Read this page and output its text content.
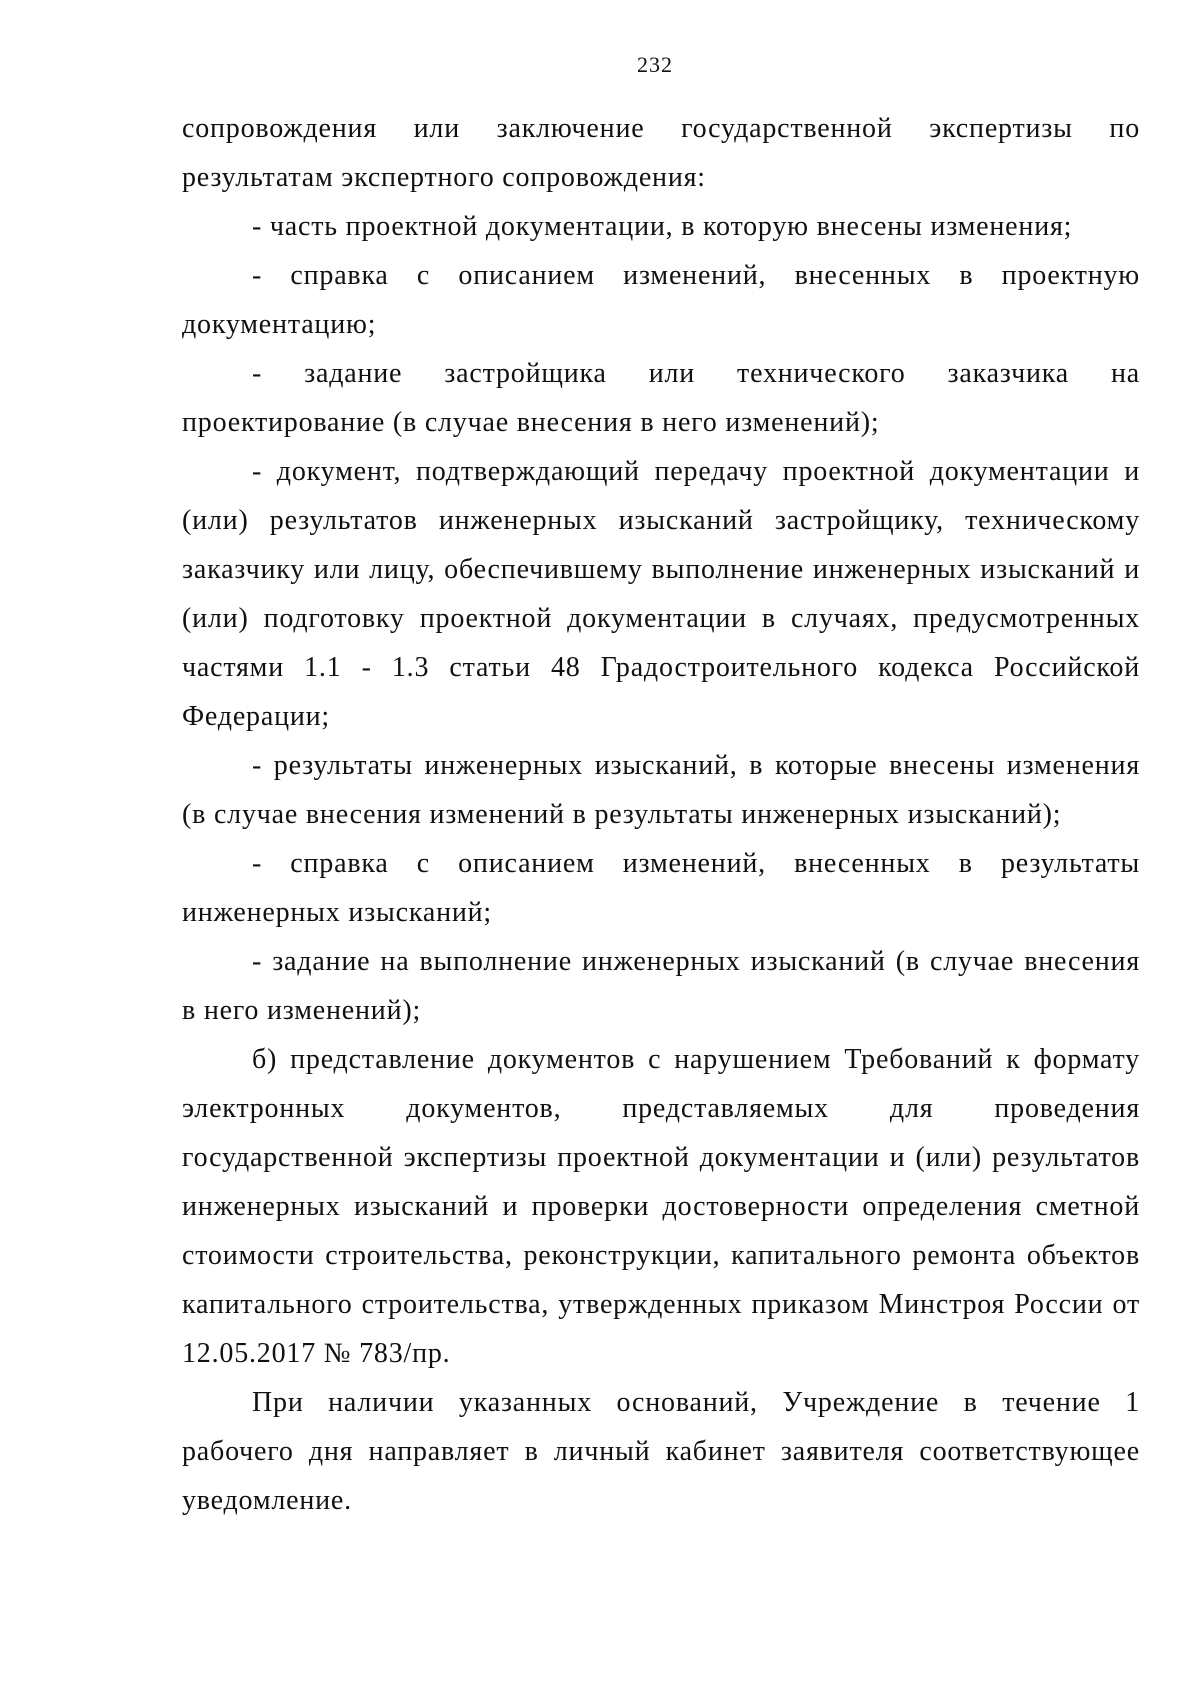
232

сопровождения или заключение государственной экспертизы по результатам экспертного сопровождения:

- часть проектной документации, в которую внесены изменения;

- справка с описанием изменений, внесенных в проектную документацию;

- задание застройщика или технического заказчика на проектирование (в случае внесения в него изменений);

- документ, подтверждающий передачу проектной документации и (или) результатов инженерных изысканий застройщику, техническому заказчику или лицу, обеспечившему выполнение инженерных изысканий и (или) подготовку проектной документации в случаях, предусмотренных частями 1.1 - 1.3 статьи 48 Градостроительного кодекса Российской Федерации;

- результаты инженерных изысканий, в которые внесены изменения (в случае внесения изменений в результаты инженерных изысканий);

- справка с описанием изменений, внесенных в результаты инженерных изысканий;

- задание на выполнение инженерных изысканий (в случае внесения в него изменений);

б) представление документов с нарушением Требований к формату электронных документов, представляемых для проведения государственной экспертизы проектной документации и (или) результатов инженерных изысканий и проверки достоверности определения сметной стоимости строительства, реконструкции, капитального ремонта объектов капитального строительства, утвержденных приказом Минстроя России от 12.05.2017 № 783/пр.

При наличии указанных оснований, Учреждение в течение 1 рабочего дня направляет в личный кабинет заявителя соответствующее уведомление.
